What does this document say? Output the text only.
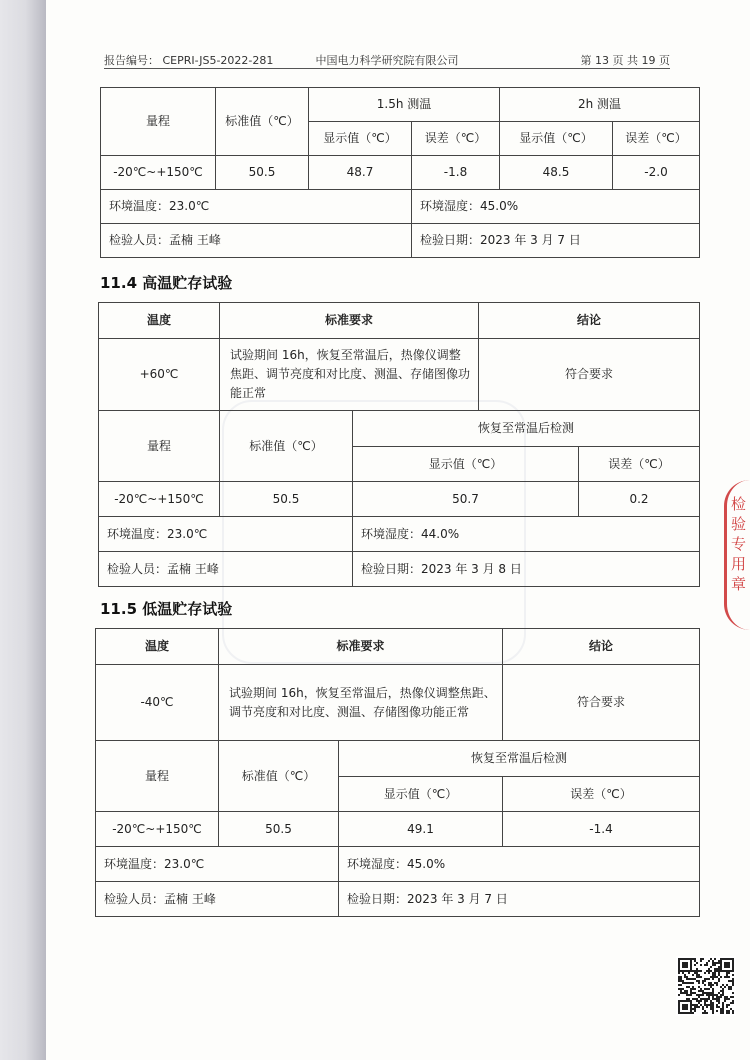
报告编号： CEPRI-JS5-2022-281	中国电力科学研究院有限公司	第 13 页 共 19 页
量程	标准值（℃）	1.5h 测温		2h 测温	
		显示值（℃）	误差（℃）	显示值（℃）	误差（℃）
-20℃~+150℃	50.5	48.7	-1.8	48.5	-2.0
环境温度：23.0℃			环境湿度：45.0%		
检验人员：孟楠 王峰			检验日期：2023 年 3 月 7 日		
11.4 高温贮存试验
温度	标准要求		结论	
+60℃	试验期间 16h，恢复至常温后，热像仪调整焦距、调节亮度和对比度、测温、存储图像功能正常		符合要求	
量程	标准值（℃）	恢复至常温后检测		
		显示值（℃）		误差（℃）
-20℃~+150℃	50.5	50.7		0.2
环境温度：23.0℃		环境湿度：44.0%		
检验人员：孟楠 王峰		检验日期：2023 年 3 月 8 日		
11.5 低温贮存试验
温度	标准要求		结论
-40℃	试验期间 16h，恢复至常温后，热像仪调整焦距、调节亮度和对比度、测温、存储图像功能正常		符合要求
量程	标准值（℃）	恢复至常温后检测	
		显示值（℃）	误差（℃）
-20℃~+150℃	50.5	49.1	-1.4
环境温度：23.0℃		环境湿度：45.0%	
检验人员：孟楠 王峰		检验日期：2023 年 3 月 7 日	
检
验
专
用
章
